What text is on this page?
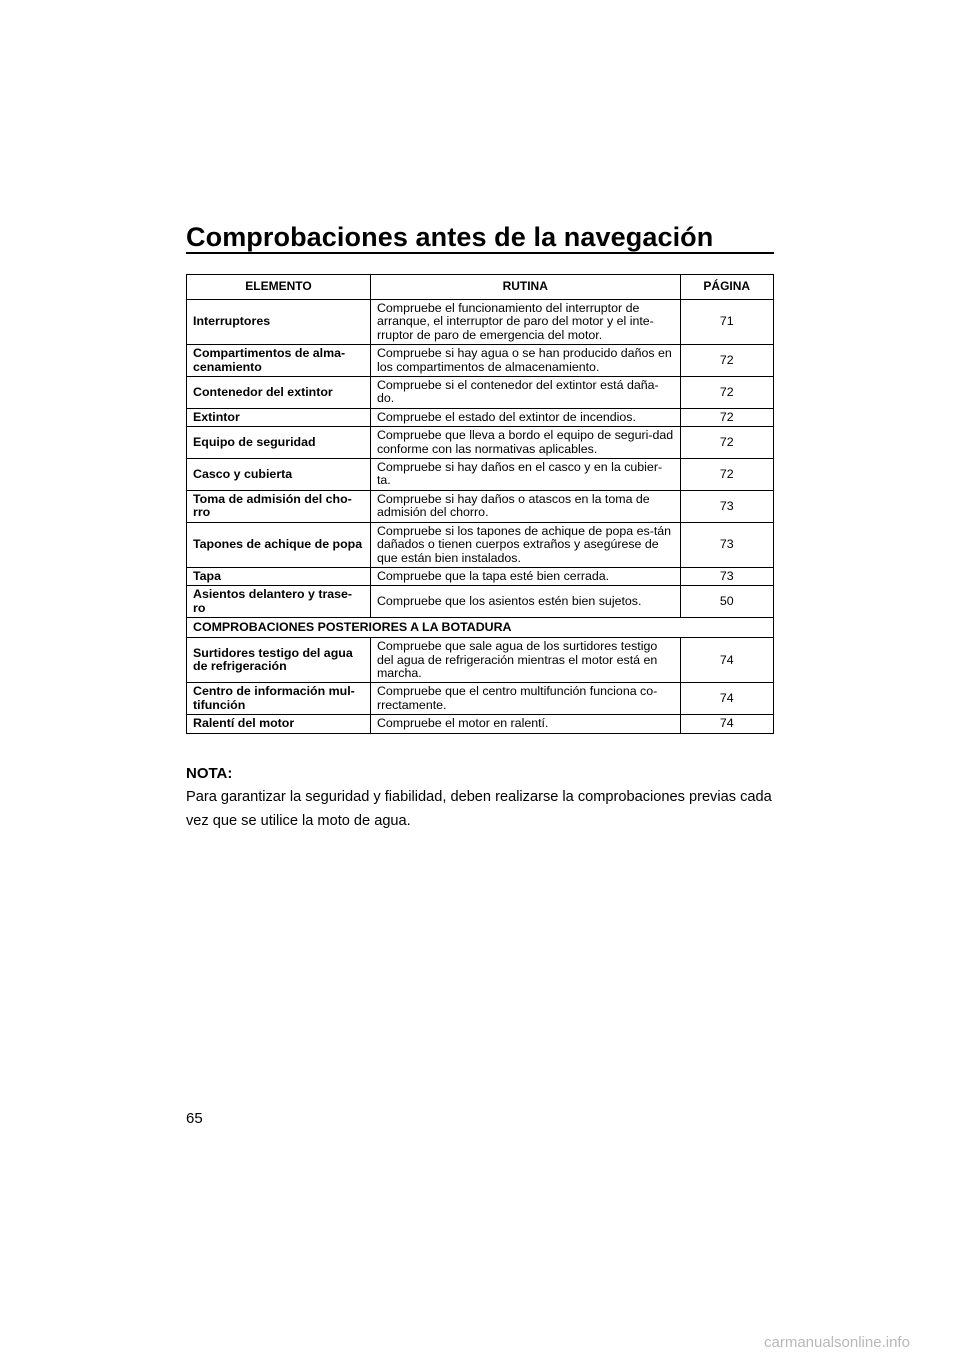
Comprobaciones antes de la navegación
ELEMENTO	RUTINA	PÁGINA
Interruptores	Compruebe el funcionamiento del interruptor de arranque, el interruptor de paro del motor y el inte-rruptor de paro de emergencia del motor.	71
Compartimentos de alma-cenamiento	Compruebe si hay agua o se han producido daños en los compartimentos de almacenamiento.	72
Contenedor del extintor	Compruebe si el contenedor del extintor está daña-do.	72
Extintor	Compruebe el estado del extintor de incendios.	72
Equipo de seguridad	Compruebe que lleva a bordo el equipo de seguri-dad conforme con las normativas aplicables.	72
Casco y cubierta	Compruebe si hay daños en el casco y en la cubier-ta.	72
Toma de admisión del cho-rro	Compruebe si hay daños o atascos en la toma de admisión del chorro.	73
Tapones de achique de popa	Compruebe si los tapones de achique de popa es-tán dañados o tienen cuerpos extraños y asegúrese de que están bien instalados.	73
Tapa	Compruebe que la tapa esté bien cerrada.	73
Asientos delantero y trase-ro	Compruebe que los asientos estén bien sujetos.	50
COMPROBACIONES POSTERIORES A LA BOTADURA		
Surtidores testigo del agua de refrigeración	Compruebe que sale agua de los surtidores testigo del agua de refrigeración mientras el motor está en marcha.	74
Centro de información mul-tifunción	Compruebe que el centro multifunción funciona co-rrectamente.	74
Ralentí del motor	Compruebe el motor en ralentí.	74
NOTA:
Para garantizar la seguridad y fiabilidad, deben realizarse la comprobaciones previas cada vez que se utilice la moto de agua.
65
carmanualsonline.info
